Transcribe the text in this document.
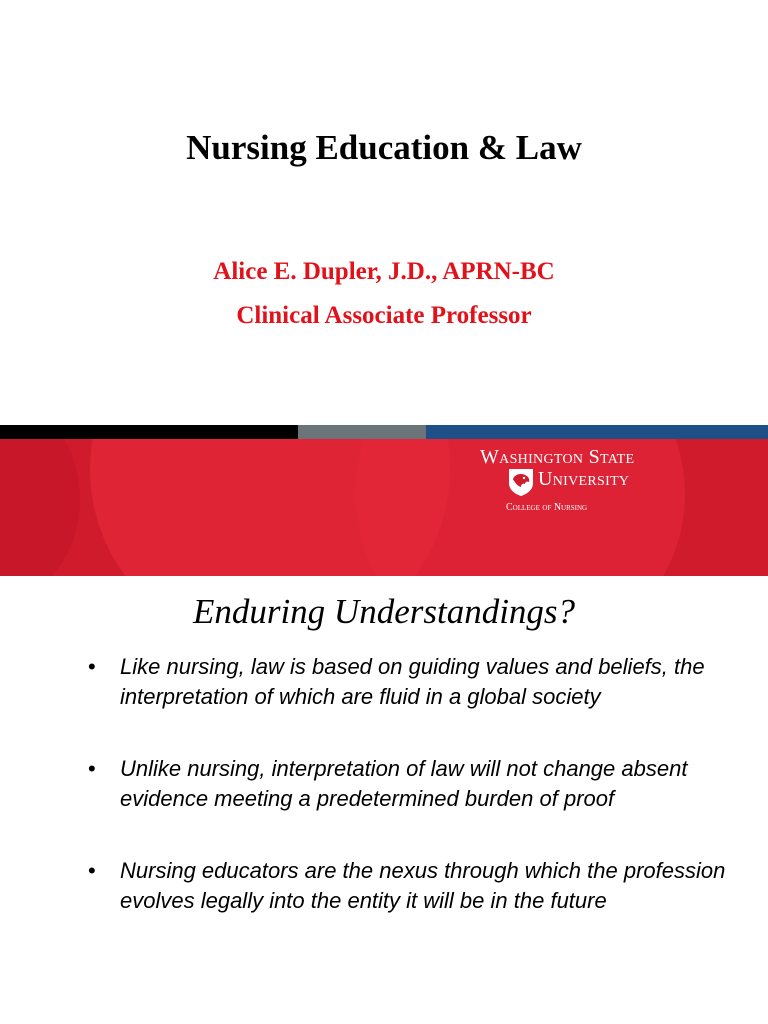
Nursing Education & Law
Alice E. Dupler, J.D., APRN-BC
Clinical Associate Professor
Washington State
University
College of Nursing
Enduring Understandings?
• Like nursing, law is based on guiding values and beliefs, the interpretation of which are fluid in a global society
• Unlike nursing, interpretation of law will not change absent evidence meeting a predetermined burden of proof
• Nursing educators are the nexus through which the profession evolves legally into the entity it will be in the future
